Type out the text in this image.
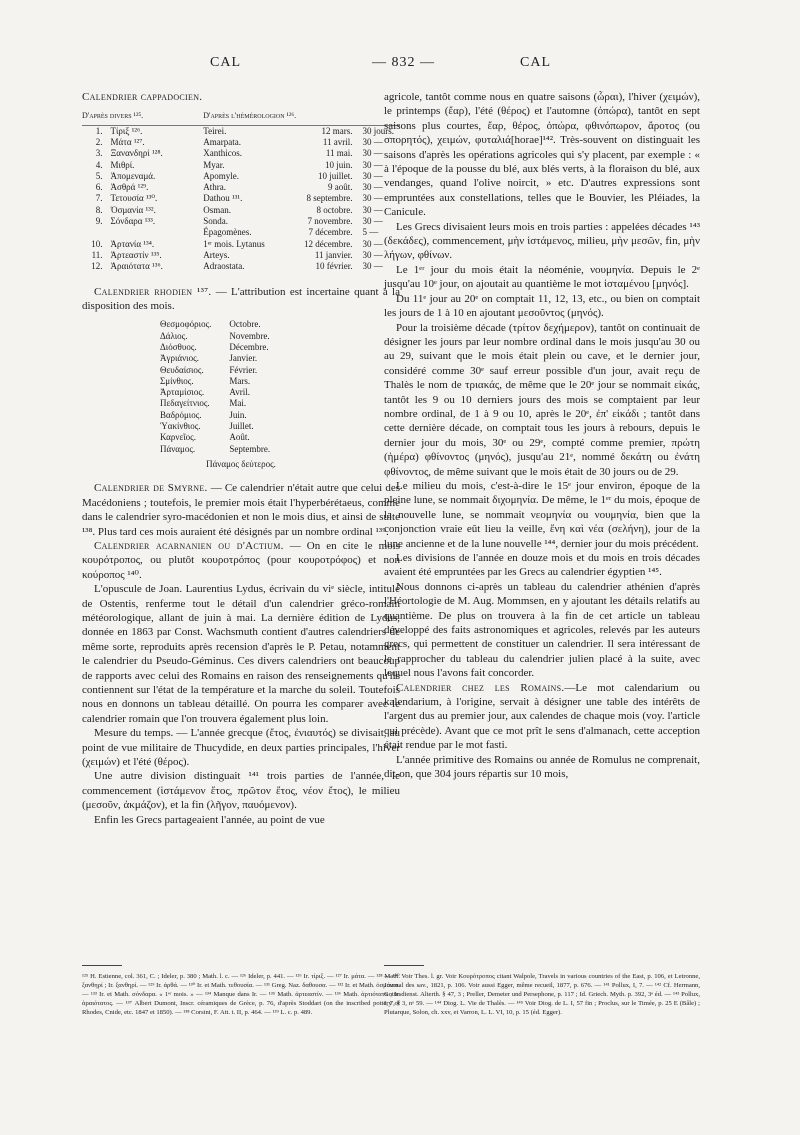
CAL	— 832 —	CAL

Calendrier cappadocien.

D'après divers ¹²⁵.		D'après l'hémérologion ¹²⁶.		
1.	Τίριξ ¹²⁶.	Teirei.	12 mars.	30 jours.
2.	Μάτα ¹²⁷.	Amarpata.	11 avril.	30 —
3.	Ξανανδηρί ¹²⁸.	Xanthicos.	11 mai.	30 —
4.	Μιθρί.	Myar.	10 juin.	30 —
5.	Ἀπομεναμά.	Apomyle.	10 juillet.	30 —
6.	Ἀσθρά ¹²⁹.	Athra.	9 août.	30 —
7.	Τετουσία ¹³⁰.	Dathou ¹³¹.	8 septembre.	30 —
8.	Ὀσμανία ¹³².	Osman.	8 octobre.	30 —
9.	Σόνδαρα ¹³³.	Sonda.	7 novembre.	30 —
		Épagomènes.	7 décembre.	5 —
10.	Ἀρτανία ¹³⁴.	1ᵉʳ mois. Lytanus	12 décembre.	30 —
11.	Ἀρτεαστίν ¹³⁵.	Arteys.	11 janvier.	30 —
12.	Ἀραιότατα ¹³⁶.	Adraostata.	10 février.	30 —

Calendrier rhodien ¹³⁷. — L'attribution est incertaine quant à la disposition des mois.

Θεσμοφόριος.	Octobre.
Δάλιος.	Novembre.
Διόσθυος.	Décembre.
Ἀγριάνιος.	Janvier.
Θευδαίσιος.	Février.
Σμίνθιος.	Mars.
Ἀρταμίσιος.	Avril.
Πεδαγείτνιος.	Mai.
Βαδρόμιος.	Juin.
Ὑακίνθιος.	Juillet.
Καρνεῖος.	Août.
Πάναμος.	Septembre.
Πάναμος δεύτερος.

Calendrier de Smyrne. — Ce calendrier n'était autre que celui des Macédoniens ; toutefois, le premier mois était l'hyperbérétaeus, comme dans le calendrier syro-macédonien et non le mois dius, et ainsi de suite ¹³⁸. Plus tard ces mois auraient été désignés par un nombre ordinal ¹³⁹.

Calendrier acarnanien ou d'Actium. — On en cite le mois κουρότροπος, ou plutôt κουροτρόπος (pour κουροτρόφος) et non κούροπος ¹⁴⁰.

L'opuscule de Joan. Laurentius Lydus, écrivain du viᵉ siècle, intitulé de Ostentis, renferme tout le détail d'un calendrier gréco-romain météorologique, allant de juin à mai. La dernière édition de Lydus, donnée en 1863 par Const. Wachsmuth contient d'autres calendriers de même sorte, reproduits après recension d'après le P. Petau, notamment le calendrier du Pseudo-Géminus. Ces divers calendriers ont beaucoup de rapports avec celui des Romains en raison des renseignements qu'ils contiennent sur l'état de la température et la marche du soleil. Toutefois nous en donnons un tableau détaillé. On pourra les comparer avec le calendrier romain que l'on trouvera également plus loin.

Mesure du temps. — L'année grecque (ἔτος, ἐνιαυτός) se divisait, au point de vue militaire de Thucydide, en deux parties principales, l'hiver (χειμών) et l'été (θέρος).

Une autre division distinguait ¹⁴¹ trois parties de l'année, le commencement (ἱστάμενον ἔτος, πρῶτον ἔτος, νέον ἔτος), le milieu (μεσοῦν, ἀκμάζον), et la fin (λῆγον, παυόμενον).

Enfin les Grecs partageaient l'année, au point de vue

agricole, tantôt comme nous en quatre saisons (ὧραι), l'hiver (χειμών), le printemps (ἔαρ), l'été (θέρος) et l'automne (ὀπώρα), tantôt en sept saisons plus courtes, ἔαρ, θέρος, ὀπώρα, φθινόπωρον, ἄροτος (ou σπορητός), χειμών, φυταλιά[horae]¹⁴². Très-souvent on distinguait les saisons d'après les opérations agricoles qui s'y placent, par exemple : « à l'époque de la pousse du blé, aux blés verts, à la floraison du blé, aux vendanges, quand l'olive noircit, » etc. D'autres expressions sont empruntées aux constellations, telles que le Bouvier, les Pléiades, la Canicule.

Les Grecs divisaient leurs mois en trois parties : appelées décades ¹⁴³ (δεκάδες), commencement, μὴν ἱστάμενος, milieu, μὴν μεσῶν, fin, μὴν λήγων, φθίνων.

Le 1ᵉʳ jour du mois était la néoménie, νουμηνία. Depuis le 2ᵉ jusqu'au 10ᵉ jour, on ajoutait au quantième le mot ἱσταμένου [μηνός].

Du 11ᵉ jour au 20ᵉ on comptait 11, 12, 13, etc., ou bien on comptait les jours de 1 à 10 en ajoutant μεσοῦντος (μηνός).

Pour la troisième décade (τρίτον δεχήμερον), tantôt on continuait de désigner les jours par leur nombre ordinal dans le mois jusqu'au 30 ou au 29, suivant que le mois était plein ou cave, et le dernier jour, considéré comme 30ᵉ sauf erreur possible d'un jour, avait reçu de Thalès le nom de τριακάς, de même que le 20ᵉ jour se nommait εἰκάς, tantôt les 9 ou 10 derniers jours des mois se comptaient par leur nombre ordinal, de 1 à 9 ou 10, après le 20ᵉ, ἐπ' εἰκάδι ; tantôt dans cette dernière décade, on comptait tous les jours à rebours, depuis le dernier jour du mois, 30ᵉ ou 29ᵉ, compté comme premier, πρώτη (ἡμέρα) φθίνοντος (μηνός), jusqu'au 21ᵉ, nommé δεκάτη ou ἐνάτη φθίνοντος, de même suivant que le mois était de 30 jours ou de 29.

Le milieu du mois, c'est-à-dire le 15ᵉ jour environ, époque de la pleine lune, se nommait διχομηνία. De même, le 1ᵉʳ du mois, époque de la nouvelle lune, se nommait νεομηνία ou νουμηνία, bien que la conjonction vraie eût lieu la veille, ἔνη καὶ νέα (σελήνη), jour de la lune ancienne et de la lune nouvelle ¹⁴⁴, dernier jour du mois précédent.

Les divisions de l'année en douze mois et du mois en trois décades avaient été empruntées par les Grecs au calendrier égyptien ¹⁴⁵.

Nous donnons ci-après un tableau du calendrier athénien d'après l'Héortologie de M. Aug. Mommsen, en y ajoutant les détails relatifs au quantième. De plus on trouvera à la fin de cet article un tableau développé des faits astronomiques et agricoles, relevés par les auteurs grecs, qui permettent de constituer un calendrier. Il sera intéressant de le rapprocher du tableau du calendrier julien placé à la suite, avec lequel nous l'avons fait concorder.

Calendrier chez les Romains.—Le mot calendarium ou kalendarium, à l'origine, servait à désigner une table des intérêts de l'argent dus au premier jour, aux calendes de chaque mois (voy. l'article qui précède). Avant que ce mot prît le sens d'almanach, cette acception était rendue par le mot fasti.

L'année primitive des Romains ou année de Romulus ne comprenait, dit-on, que 304 jours répartis sur 10 mois,

¹²⁵ H. Estienne, col. 361, C. ; Ideler, p. 380 ; Math. l. c. — ¹²⁶ Ideler, p. 441. — ¹²⁶ Ir. τίριξ. — ¹²⁷ Ir. μάτα. — ¹²⁸ Math. ξανθηρί ; Ir. ξανθηρί. — ¹²⁹ Ir. ἀρθά. — ¹³⁰ Ir. et Math. τεθουσία. — ¹³¹ Greg. Naz. δαθουσα. — ¹³² Ir. et Math. ὀσμάνια. — ¹³³ Ir. et Math. σόνδαρα. « 1ᵉʳ mois. » — ¹³⁴ Manque dans Ir. — ¹³⁵ Math. ἀρτεαστίν. — ¹³⁶ Math. ἀρτιότατα ; Ir. ἀραιότατος. — ¹³⁷ Albert Dumont, Inscr. céramiques de Grèce, p. 76, d'après Stoddart (on the inscribed pottery of Rhodes, Cnide, etc. 1847 et 1850). — ¹³⁸ Corsini, F. Att. t. II, p. 464. — ¹³⁹ L. c. p. 489.
— ¹⁴⁰ Voir Thes. l. gr. Voir Κουρότροπος citant Walpole, Travels in various countries of the East, p. 106, et Letronne, Journal des sav., 1821, p. 106. Voir aussi Egger, même recueil, 1877, p. 676. — ¹⁴¹ Pollux, I, 7. — ¹⁴² Cf. Hermann, Gottesdienst. Alterth. § 47, 3 ; Preller, Demeter und Persephone, p. 117 ; Id. Griech. Myth. p. 392, 3ᵉ éd. — ¹⁴³ Pollux, I, 7, § 3, nᵒ 59. — ¹⁴⁴ Diog. L. Vie de Thalès. — ¹⁴⁵ Voir Diog. de L. I, 57 fin ; Proclus, sur le Timée, p. 25 E (Bâle) ; Plutarque, Solon, ch. xxv, et Varron, L. L. VI, 10, p. 15 (éd. Egger).
